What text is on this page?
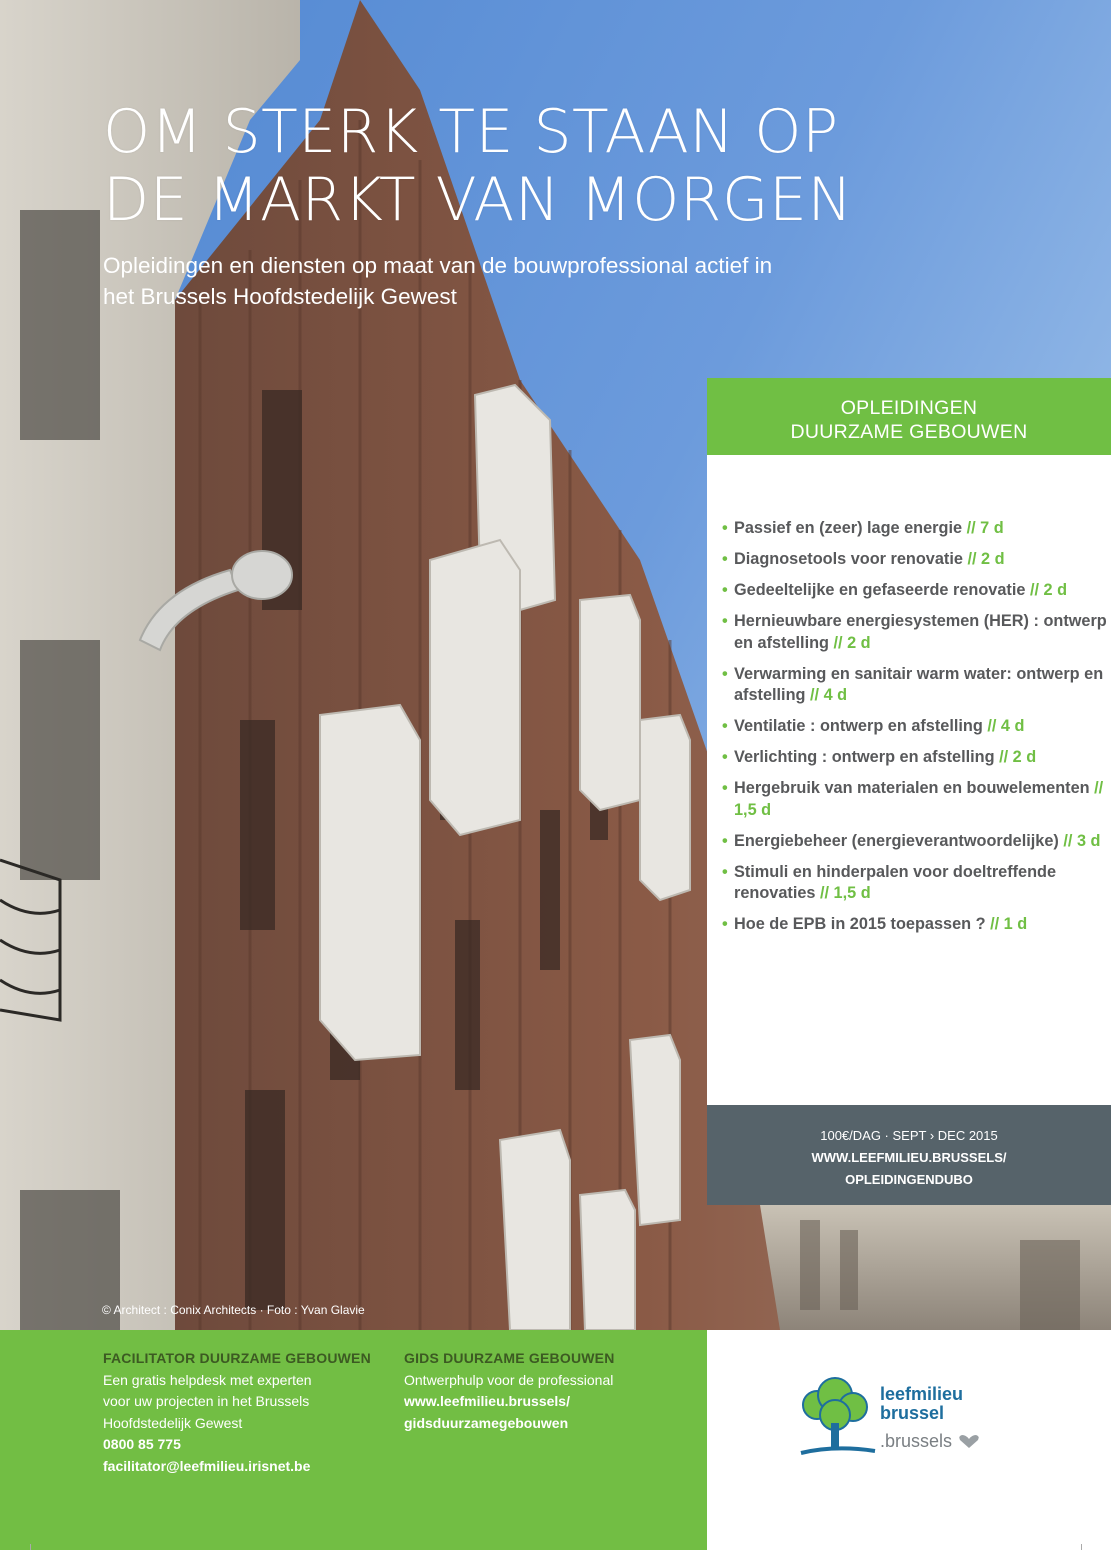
OM STERK TE STAAN OP
DE MARKT VAN MORGEN

Opleidingen en diensten op maat van de bouwprofessional actief in
het Brussels Hoofdstedelijk Gewest

© Architect : Conix Architects · Foto : Yvan Glavie
OPLEIDINGEN
DUURZAME GEBOUWEN
• Passief en (zeer) lage energie // 7 d
• Diagnosetools voor renovatie // 2 d
• Gedeeltelijke en gefaseerde renovatie // 2 d
• Hernieuwbare energiesystemen (HER) : ontwerp en afstelling // 2 d
• Verwarming en sanitair warm water: ontwerp en afstelling // 4 d
• Ventilatie : ontwerp en afstelling // 4 d
• Verlichting : ontwerp en afstelling // 2 d
• Hergebruik van materialen en bouwelementen // 1,5 d
• Energiebeheer (energieverantwoordelijke) // 3 d
• Stimuli en hinderpalen voor doeltreffende renovaties // 1,5 d
• Hoe de EPB in 2015 toepassen ? // 1 d
100€/DAG · SEPT › DEC 2015
WWW.LEEFMILIEU.BRUSSELS/
OPLEIDINGENDUBO
FACILITATOR DUURZAME GEBOUWEN
Een gratis helpdesk met experten
voor uw projecten in het Brussels
Hoofdstedelijk Gewest
0800 85 775
facilitator@leefmilieu.irisnet.be
GIDS DUURZAME GEBOUWEN
Ontwerphulp voor de professional
www.leefmilieu.brussels/
gidsduurzamegebouwen
leefmilieu
brussel
.brussels
